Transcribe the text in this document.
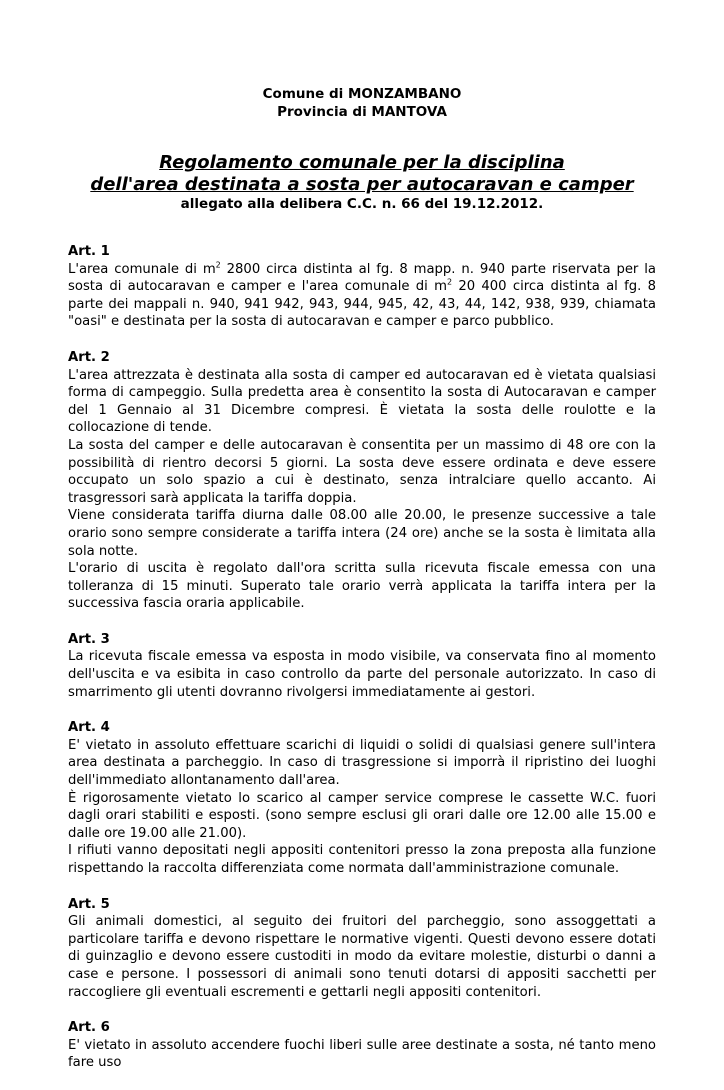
Comune di MONZAMBANO
Provincia di MANTOVA
Regolamento comunale per la disciplina
dell'area destinata a sosta per autocaravan e camper
allegato alla delibera C.C. n. 66 del 19.12.2012.

Art. 1

L'area comunale di $m^2$ 2800 circa distinta al fg. 8 mapp. n. 940 parte riservata per la sosta di autocaravan e camper e l'area comunale di $m^2$ 20 400 circa distinta al fg. 8 parte dei mappali n. 940, 941 942, 943, 944, 945, 42, 43, 44, 142, 938, 939, chiamata "oasi" e destinata per la sosta di autocaravan e camper e parco pubblico.

Art. 2

L'area attrezzata è destinata alla sosta di camper ed autocaravan ed è vietata qualsiasi forma di campeggio. Sulla predetta area è consentito la sosta di Autocaravan e camper del 1 Gennaio al 31 Dicembre compresi. È vietata la sosta delle roulotte e la collocazione di tende.

La sosta del camper e delle autocaravan è consentita per un massimo di 48 ore con la possibilità di rientro decorsi 5 giorni. La sosta deve essere ordinata e deve essere occupato un solo spazio a cui è destinato, senza intralciare quello accanto. Ai trasgressori sarà applicata la tariffa doppia.

Viene considerata tariffa diurna dalle 08.00 alle 20.00, le presenze successive a tale orario sono sempre considerate a tariffa intera (24 ore) anche se la sosta è limitata alla sola notte.

L'orario di uscita è regolato dall'ora scritta sulla ricevuta fiscale emessa con una tolleranza di 15 minuti. Superato tale orario verrà applicata la tariffa intera per la successiva fascia oraria applicabile.

Art. 3

La ricevuta fiscale emessa va esposta in modo visibile, va conservata fino al momento dell'uscita e va esibita in caso controllo da parte del personale autorizzato. In caso di smarrimento gli utenti dovranno rivolgersi immediatamente ai gestori.

Art. 4

E' vietato in assoluto effettuare scarichi di liquidi o solidi di qualsiasi genere sull'intera area destinata a parcheggio. In caso di trasgressione si imporrà il ripristino dei luoghi dell'immediato allontanamento dall'area.

È rigorosamente vietato lo scarico al camper service comprese le cassette W.C. fuori dagli orari stabiliti e esposti. (sono sempre esclusi gli orari dalle ore 12.00 alle 15.00 e dalle ore 19.00 alle 21.00).

I rifiuti vanno depositati negli appositi contenitori presso la zona preposta alla funzione rispettando la raccolta differenziata come normata dall'amministrazione comunale.

Art. 5

Gli animali domestici, al seguito dei fruitori del parcheggio, sono assoggettati a particolare tariffa e devono rispettare le normative vigenti. Questi devono essere dotati di guinzaglio e devono essere custoditi in modo da evitare molestie, disturbi o danni a case e persone. I possessori di animali sono tenuti dotarsi di appositi sacchetti per raccogliere gli eventuali escrementi e gettarli negli appositi contenitori.

Art. 6

E' vietato in assoluto accendere fuochi liberi sulle aree destinate a sosta, né tanto meno fare uso
